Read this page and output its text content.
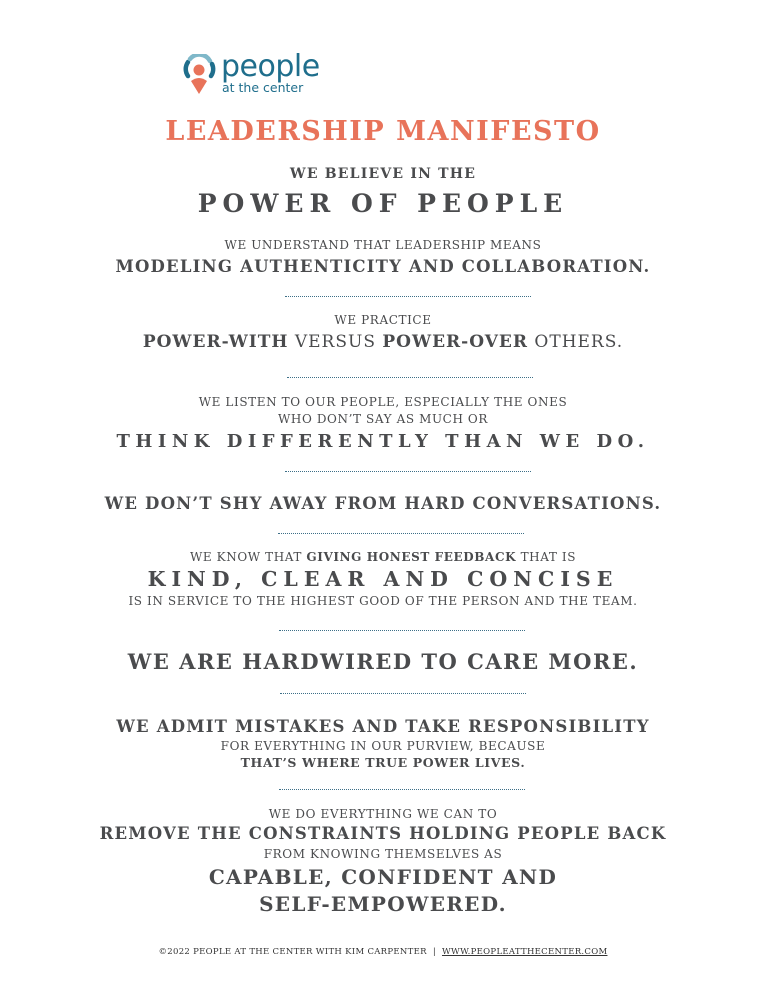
people
at the center
LEADERSHIP MANIFESTO
WE BELIEVE IN THE
POWER OF PEOPLE
WE UNDERSTAND THAT LEADERSHIP MEANS
MODELING AUTHENTICITY AND COLLABORATION.
WE PRACTICE
POWER-WITH VERSUS POWER-OVER OTHERS.
WE LISTEN TO OUR PEOPLE, ESPECIALLY THE ONES
WHO DON’T SAY AS MUCH OR
THINK DIFFERENTLY THAN WE DO.
WE DON’T SHY AWAY FROM HARD CONVERSATIONS.
WE KNOW THAT GIVING HONEST FEEDBACK THAT IS
KIND, CLEAR AND CONCISE
IS IN SERVICE TO THE HIGHEST GOOD OF THE PERSON AND THE TEAM.
WE ARE HARDWIRED TO CARE MORE.
WE ADMIT MISTAKES AND TAKE RESPONSIBILITY
FOR EVERYTHING IN OUR PURVIEW, BECAUSE
THAT’S WHERE TRUE POWER LIVES.
WE DO EVERYTHING WE CAN TO
REMOVE THE CONSTRAINTS HOLDING PEOPLE BACK
FROM KNOWING THEMSELVES AS
CAPABLE, CONFIDENT AND
SELF-EMPOWERED.
©2022 PEOPLE AT THE CENTER WITH KIM CARPENTER | WWW.PEOPLEATTHECENTER.COM
